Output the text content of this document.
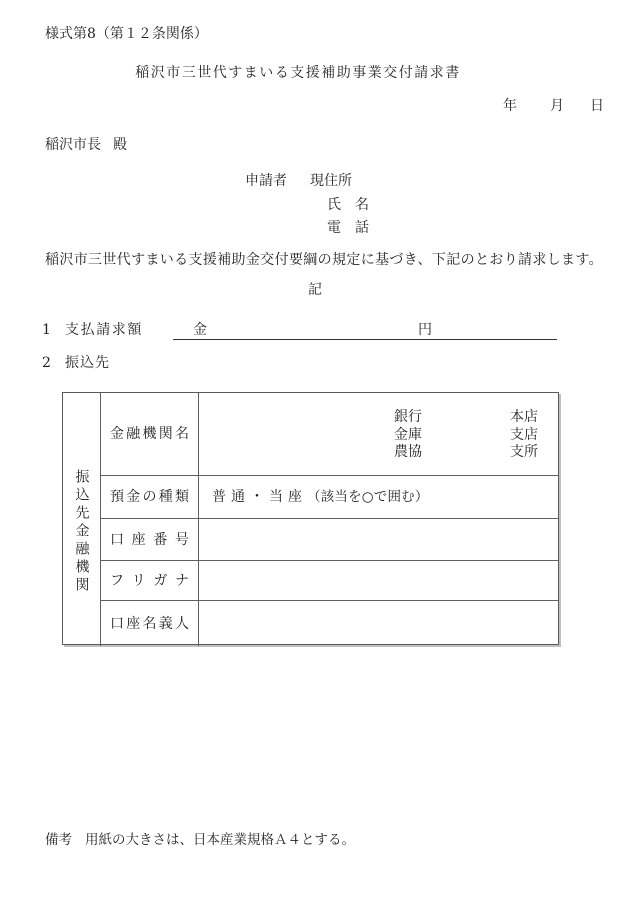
様式第8（第１２条関係）
稲沢市三世代すまいる支援補助事業交付請求書
年 月 日
稲沢市長 殿
申請者 現住所
氏　名
電　話
稲沢市三世代すまいる支援補助金交付要綱の規定に基づき、下記のとおり請求します。
記
1 支払請求額	金	円
2 振込先
振込先金融機関
金 融 機 関 名
銀行
金庫
農協
本店
支店
支所
預 金 の 種 類 普通・当座 （該当を○で囲む）
口 座 番 号
フ リ ガ ナ
口 座 名 義 人
備考 用紙の大きさは、日本産業規格Ａ４とする。
